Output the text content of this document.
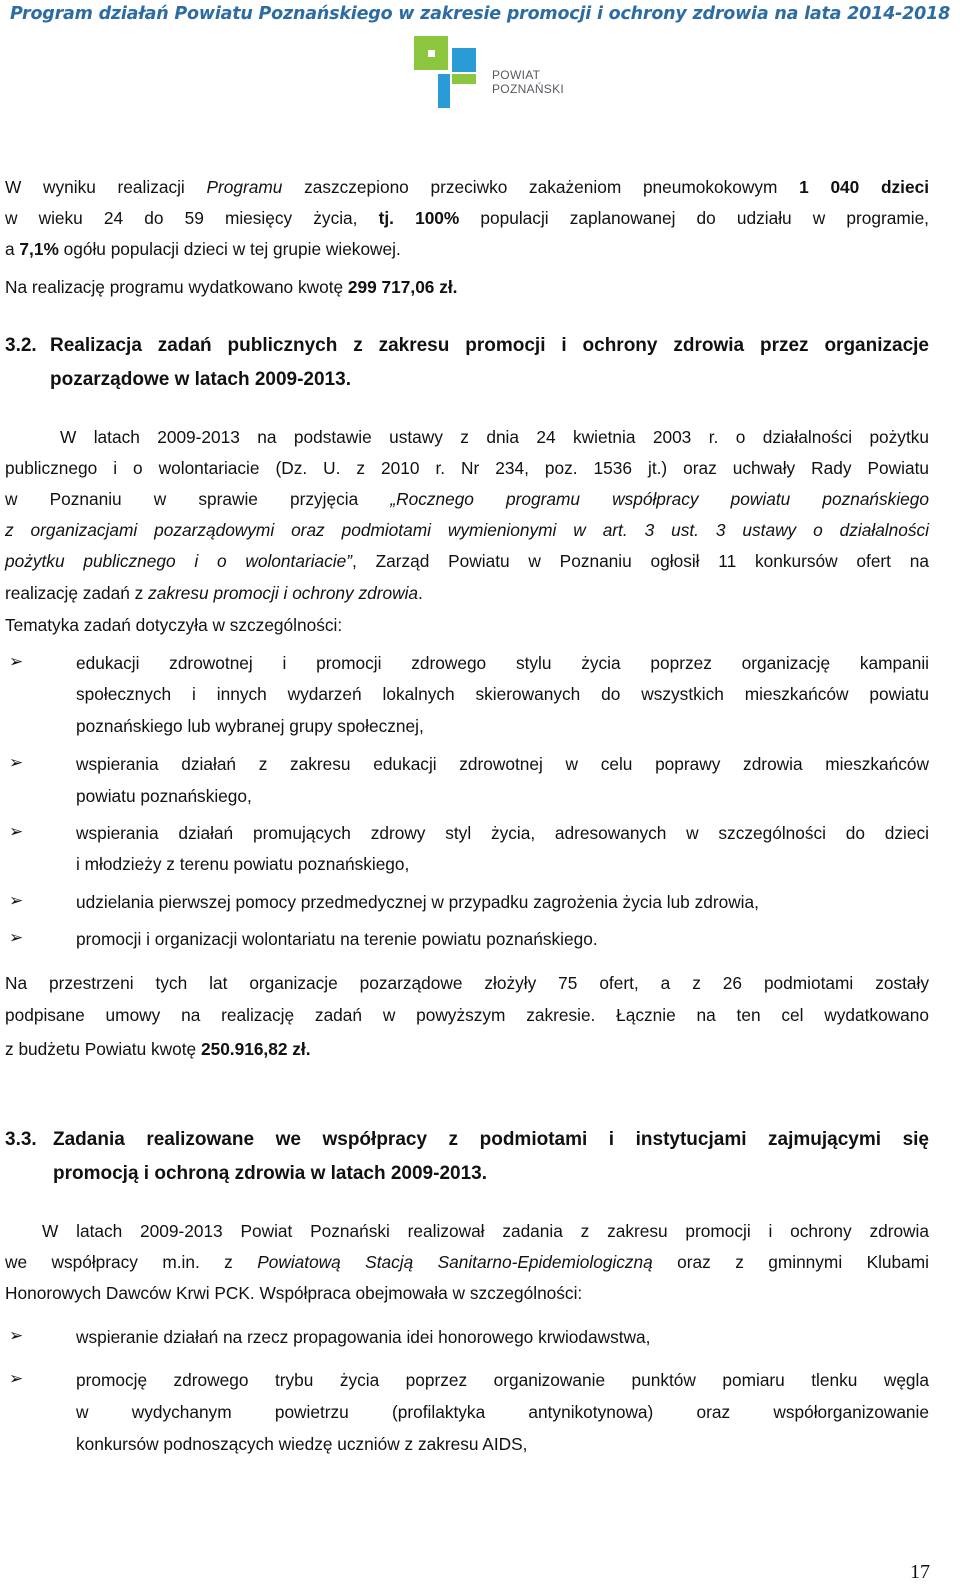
Program działań Powiatu Poznańskiego w zakresie promocji i ochrony zdrowia na lata 2014-2018
POWIAT
POZNAŃSKI
W wyniku realizacji Programu zaszczepiono przeciwko zakażeniom pneumokokowym 1 040 dzieci
w wieku 24 do 59 miesięcy życia, tj. 100% populacji zaplanowanej do udziału w programie,
a 7,1% ogółu populacji dzieci w tej grupie wiekowej.
Na realizację programu wydatkowano kwotę 299 717,06 zł.
3.2. Realizacja zadań publicznych z zakresu promocji i ochrony zdrowia przez organizacje
pozarządowe w latach 2009-2013.
W latach 2009-2013 na podstawie ustawy z dnia 24 kwietnia 2003 r. o działalności pożytku
publicznego i o wolontariacie (Dz. U. z 2010 r. Nr 234, poz. 1536 jt.) oraz uchwały Rady Powiatu
w Poznaniu w sprawie przyjęcia „Rocznego programu współpracy powiatu poznańskiego
z organizacjami pozarządowymi oraz podmiotami wymienionymi w art. 3 ust. 3 ustawy o działalności
pożytku publicznego i o wolontariacie”, Zarząd Powiatu w Poznaniu ogłosił 11 konkursów ofert na
realizację zadań z zakresu promocji i ochrony zdrowia.
Tematyka zadań dotyczyła w szczególności:
➢	edukacji zdrowotnej i promocji zdrowego stylu życia poprzez organizację kampanii
społecznych i innych wydarzeń lokalnych skierowanych do wszystkich mieszkańców powiatu
poznańskiego lub wybranej grupy społecznej,
➢	wspierania działań z zakresu edukacji zdrowotnej w celu poprawy zdrowia mieszkańców
powiatu poznańskiego,
➢	wspierania działań promujących zdrowy styl życia, adresowanych w szczególności do dzieci
i młodzieży z terenu powiatu poznańskiego,
➢	udzielania pierwszej pomocy przedmedycznej w przypadku zagrożenia życia lub zdrowia,
➢	promocji i organizacji wolontariatu na terenie powiatu poznańskiego.
Na przestrzeni tych lat organizacje pozarządowe złożyły 75 ofert, a z 26 podmiotami zostały
podpisane umowy na realizację zadań w powyższym zakresie. Łącznie na ten cel wydatkowano
z budżetu Powiatu kwotę 250.916,82 zł.
3.3. Zadania realizowane we współpracy z podmiotami i instytucjami zajmującymi się
promocją i ochroną zdrowia w latach 2009-2013.
W latach 2009-2013 Powiat Poznański realizował zadania z zakresu promocji i ochrony zdrowia
we współpracy m.in. z Powiatową Stacją Sanitarno-Epidemiologiczną oraz z gminnymi Klubami
Honorowych Dawców Krwi PCK. Współpraca obejmowała w szczególności:
➢	wspieranie działań na rzecz propagowania idei honorowego krwiodawstwa,
➢	promocję zdrowego trybu życia poprzez organizowanie punktów pomiaru tlenku węgla
w wydychanym powietrzu (profilaktyka antynikotynowa) oraz współorganizowanie
konkursów podnoszących wiedzę uczniów z zakresu AIDS,
17
